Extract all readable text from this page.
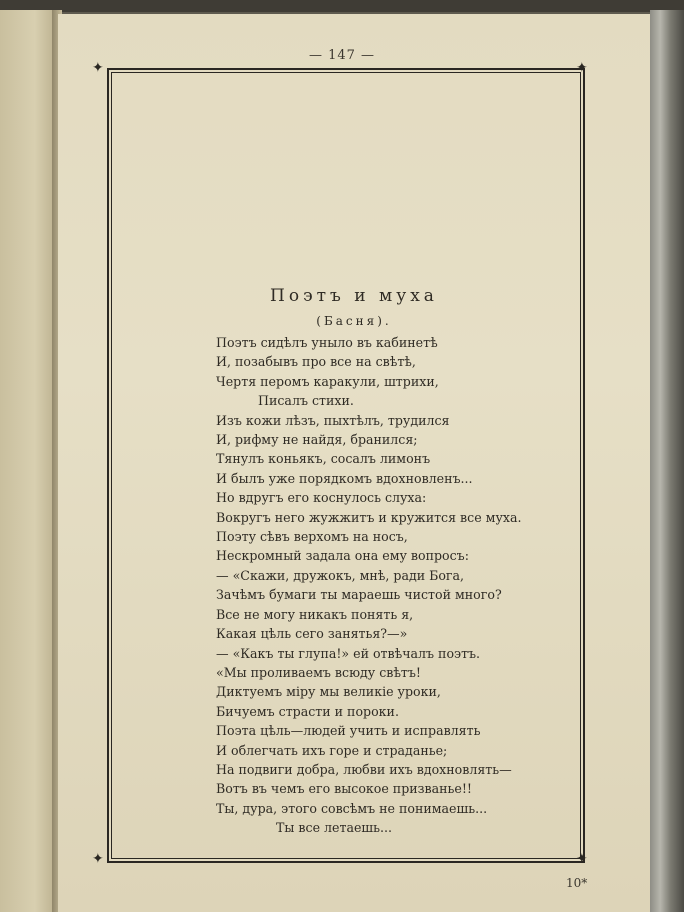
— 147 —
✦	✦
✦	✦
Поэтъ и муха
(Басня).
Поэтъ сидѣлъ уныло въ кабинетѣ
И, позабывъ про все на свѣтѣ,
Чертя перомъ каракули, штрихи,
Писалъ стихи.
Изъ кожи лѣзъ, пыхтѣлъ, трудился
И, рифму не найдя, бранился;
Тянулъ коньякъ, сосалъ лимонъ
И былъ уже порядкомъ вдохновленъ...
Но вдругъ его коснулось слуха:
Вокругъ него жужжитъ и кружится все муха.
Поэту сѣвъ верхомъ на носъ,
Нескромный задала она ему вопросъ:
— «Скажи, дружокъ, мнѣ, ради Бога,
Зачѣмъ бумаги ты мараешь чистой много?
Все не могу никакъ понять я,
Какая цѣль сего занятья?—»
— «Какъ ты глупа!» ей отвѣчалъ поэтъ.
«Мы проливаемъ всюду свѣтъ!
Диктуемъ міру мы великіе уроки,
Бичуемъ страсти и пороки.
Поэта цѣль—людей учить и исправлять
И облегчать ихъ горе и страданье;
На подвиги добра, любви ихъ вдохновлять—
Вотъ въ чемъ его высокое призванье!!
Ты, дура, этого совсѣмъ не понимаешь...
Ты все летаешь...
10*
